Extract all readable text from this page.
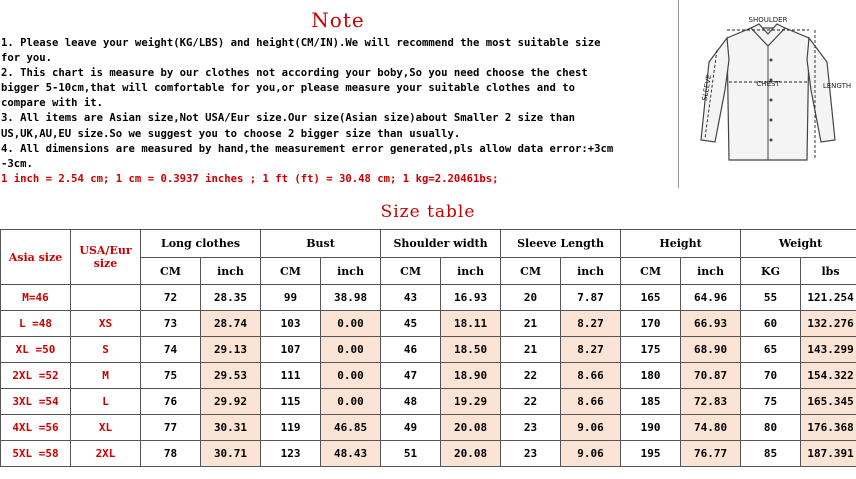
Note
1. Please leave your weight(KG/LBS) and height(CM/IN).We will recommend the most suitable size
for you.
2. This chart is measure by our clothes not according your boby,So you need choose the chest
bigger 5-10cm,that will comfortable for you,or please measure your suitable clothes and to
compare with it.
3. All items are Asian size,Not USA/Eur size.Our size(Asian size)about Smaller 2 size than
US,UK,AU,EU size.So we suggest you to choose 2 bigger size than usually.
4. All dimensions are measured by hand,the measurement error generated,pls allow data error:+3cm
-3cm.
1 inch = 2.54 cm; 1 cm = 0.3937 inches ; 1 ft (ft) = 30.48 cm; 1 kg=2.20461bs;
SHOULDER
CHEST	LENGTH
SLEEVE
Size table
Asia size	USA/Eur size	Long clothes		Bust		Shoulder width		Sleeve Length		Height		Weight	
		CM	inch	CM	inch	CM	inch	CM	inch	CM	inch	KG	lbs
M=46		72	28.35	99	38.98	43	16.93	20	7.87	165	64.96	55	121.254
L =48	XS	73	28.74	103	0.00	45	18.11	21	8.27	170	66.93	60	132.276
XL =50	S	74	29.13	107	0.00	46	18.50	21	8.27	175	68.90	65	143.299
2XL =52	M	75	29.53	111	0.00	47	18.90	22	8.66	180	70.87	70	154.322
3XL =54	L	76	29.92	115	0.00	48	19.29	22	8.66	185	72.83	75	165.345
4XL =56	XL	77	30.31	119	46.85	49	20.08	23	9.06	190	74.80	80	176.368
5XL =58	2XL	78	30.71	123	48.43	51	20.08	23	9.06	195	76.77	85	187.391
